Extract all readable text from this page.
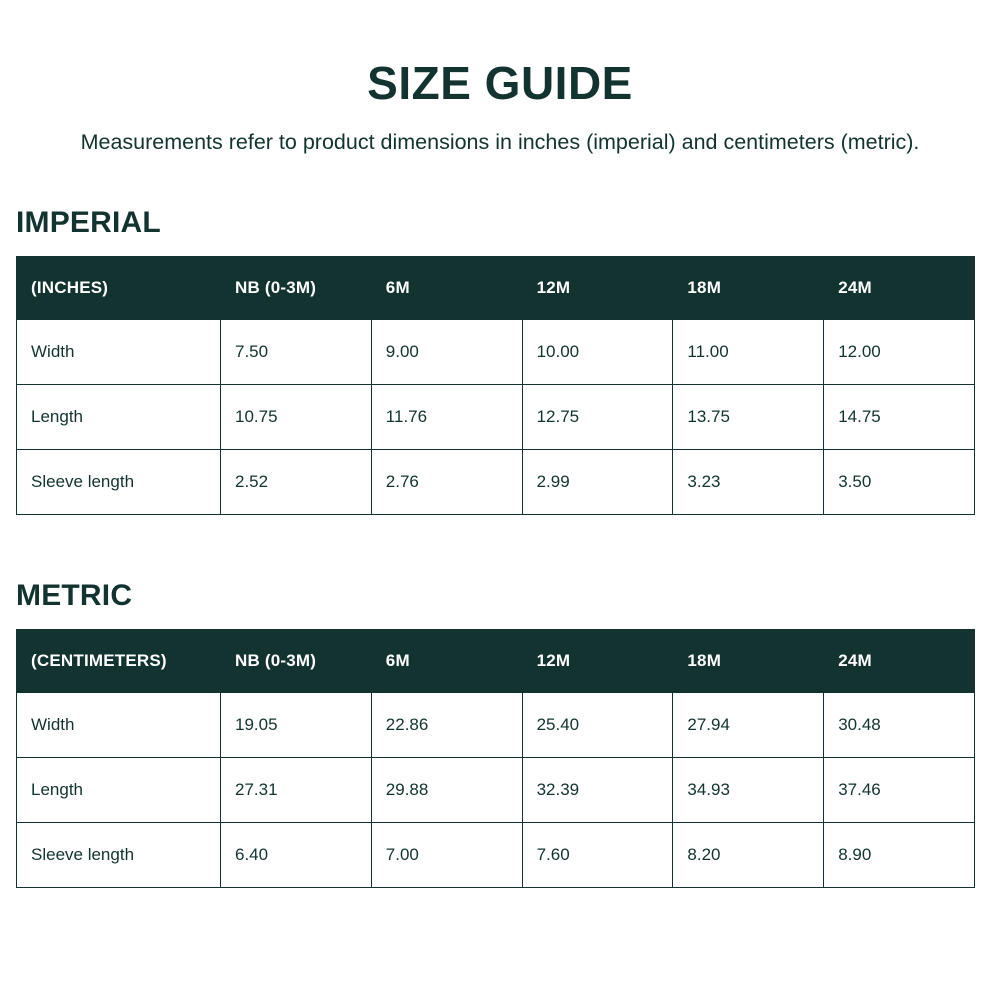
SIZE GUIDE

Measurements refer to product dimensions in inches (imperial) and centimeters (metric).

IMPERIAL
(INCHES)	NB (0-3M)	6M	12M	18M	24M
Width	7.50	9.00	10.00	11.00	12.00
Length	10.75	11.76	12.75	13.75	14.75
Sleeve length	2.52	2.76	2.99	3.23	3.50
METRIC
(CENTIMETERS)	NB (0-3M)	6M	12M	18M	24M
Width	19.05	22.86	25.40	27.94	30.48
Length	27.31	29.88	32.39	34.93	37.46
Sleeve length	6.40	7.00	7.60	8.20	8.90
